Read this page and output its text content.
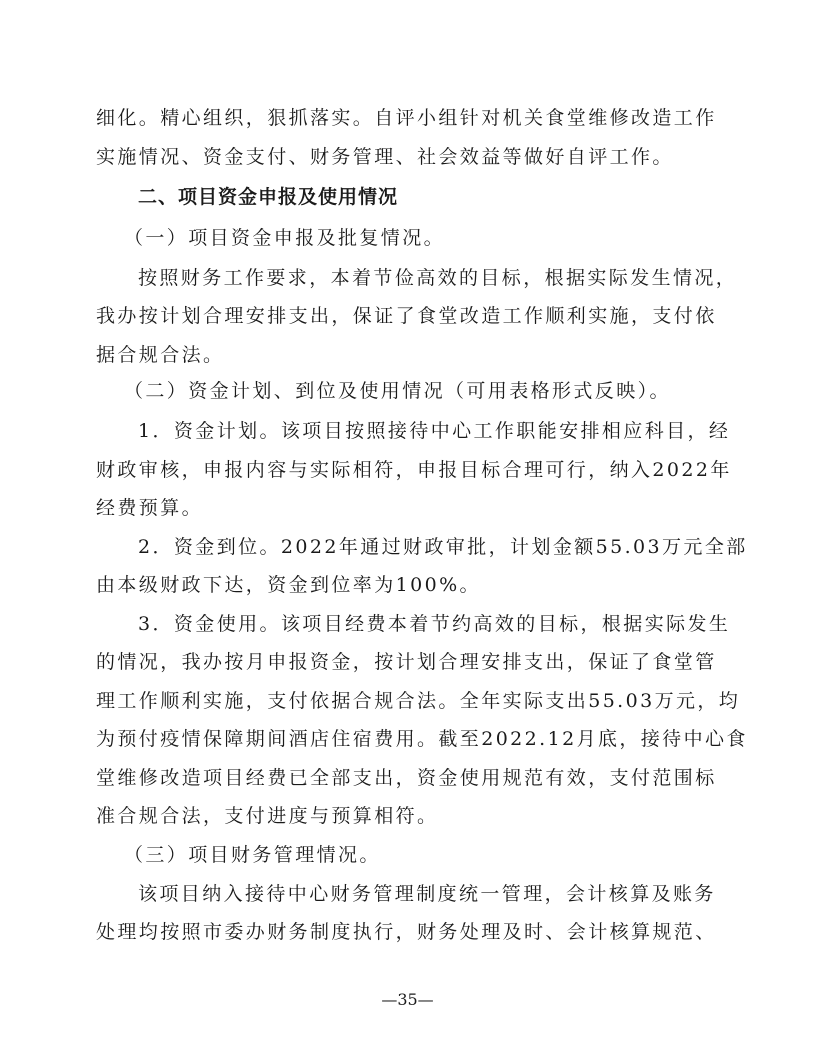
细化。精心组织，狠抓落实。自评小组针对机关食堂维修改造工作
实施情况、资金支付、财务管理、社会效益等做好自评工作。
二、项目资金申报及使用情况
（一）项目资金申报及批复情况。
按照财务工作要求，本着节俭高效的目标，根据实际发生情况，
我办按计划合理安排支出，保证了食堂改造工作顺利实施，支付依
据合规合法。
（二）资金计划、到位及使用情况（可用表格形式反映）。
1．资金计划。该项目按照接待中心工作职能安排相应科目，经
财政审核，申报内容与实际相符，申报目标合理可行，纳入2022年
经费预算。
2．资金到位。2022年通过财政审批，计划金额55.03万元全部
由本级财政下达，资金到位率为100%。
3．资金使用。该项目经费本着节约高效的目标，根据实际发生
的情况，我办按月申报资金，按计划合理安排支出，保证了食堂管
理工作顺利实施，支付依据合规合法。全年实际支出55.03万元，均
为预付疫情保障期间酒店住宿费用。截至2022.12月底，接待中心食
堂维修改造项目经费已全部支出，资金使用规范有效，支付范围标
准合规合法，支付进度与预算相符。
（三）项目财务管理情况。
该项目纳入接待中心财务管理制度统一管理，会计核算及账务
处理均按照市委办财务制度执行，财务处理及时、会计核算规范、
—35—
